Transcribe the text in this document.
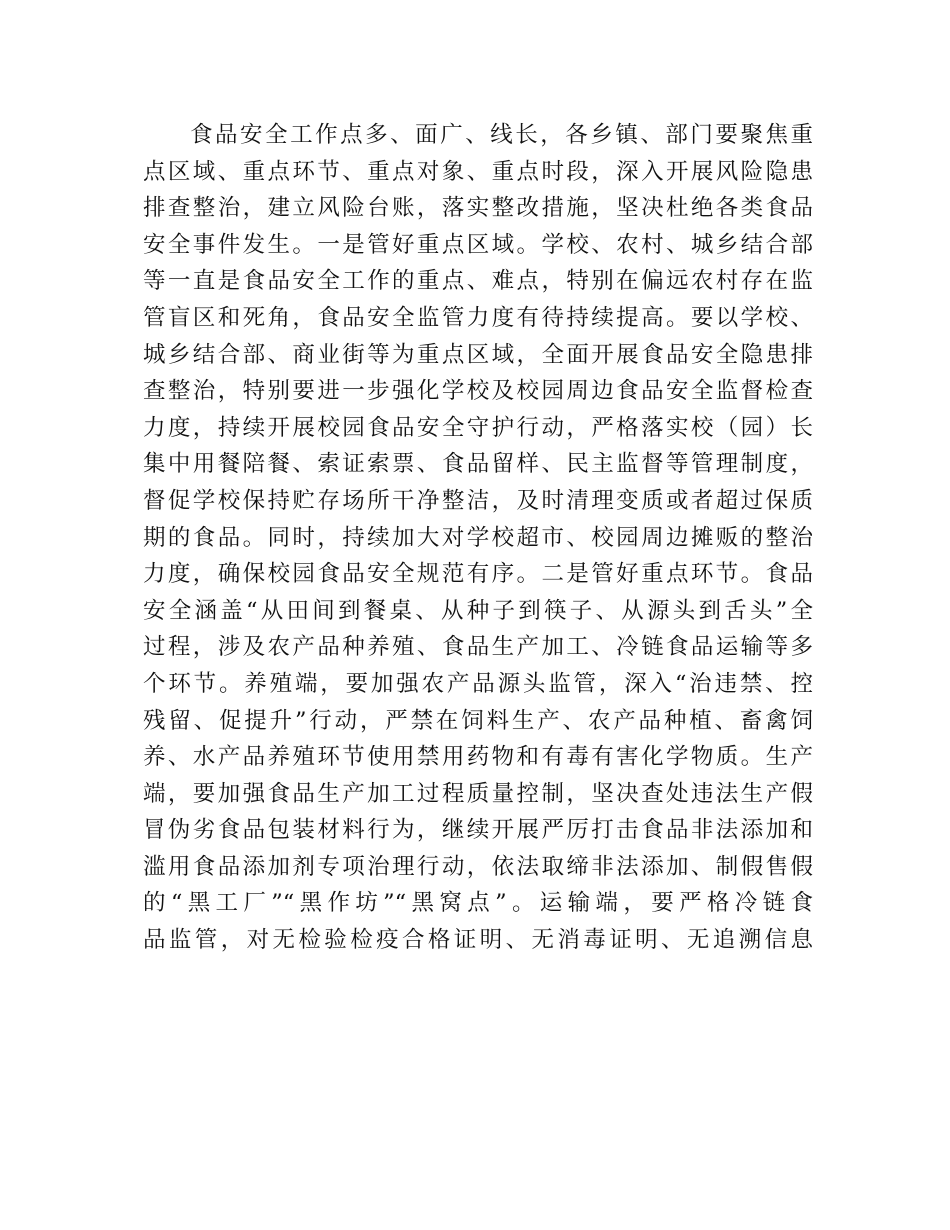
食品安全工作点多、面广、线长，各乡镇、部门要聚焦重
点区域、重点环节、重点对象、重点时段，深入开展风险隐患
排查整治，建立风险台账，落实整改措施，坚决杜绝各类食品
安全事件发生。一是管好重点区域。学校、农村、城乡结合部
等一直是食品安全工作的重点、难点，特别在偏远农村存在监
管盲区和死角，食品安全监管力度有待持续提高。要以学校、
城乡结合部、商业街等为重点区域，全面开展食品安全隐患排
查整治，特别要进一步强化学校及校园周边食品安全监督检查
力度，持续开展校园食品安全守护行动，严格落实校（园）长
集中用餐陪餐、索证索票、食品留样、民主监督等管理制度，
督促学校保持贮存场所干净整洁，及时清理变质或者超过保质
期的食品。同时，持续加大对学校超市、校园周边摊贩的整治
力度，确保校园食品安全规范有序。二是管好重点环节。食品
安全涵盖“从田间到餐桌、从种子到筷子、从源头到舌头”全
过程，涉及农产品种养殖、食品生产加工、冷链食品运输等多
个环节。养殖端，要加强农产品源头监管，深入“治违禁、控
残留、促提升”行动，严禁在饲料生产、农产品种植、畜禽饲
养、水产品养殖环节使用禁用药物和有毒有害化学物质。生产
端，要加强食品生产加工过程质量控制，坚决查处违法生产假
冒伪劣食品包装材料行为，继续开展严厉打击食品非法添加和
滥用食品添加剂专项治理行动，依法取缔非法添加、制假售假
的“黑工厂”“黑作坊”“黑窝点”。运输端，要严格冷链食
品监管，对无检验检疫合格证明、无消毒证明、无追溯信息
